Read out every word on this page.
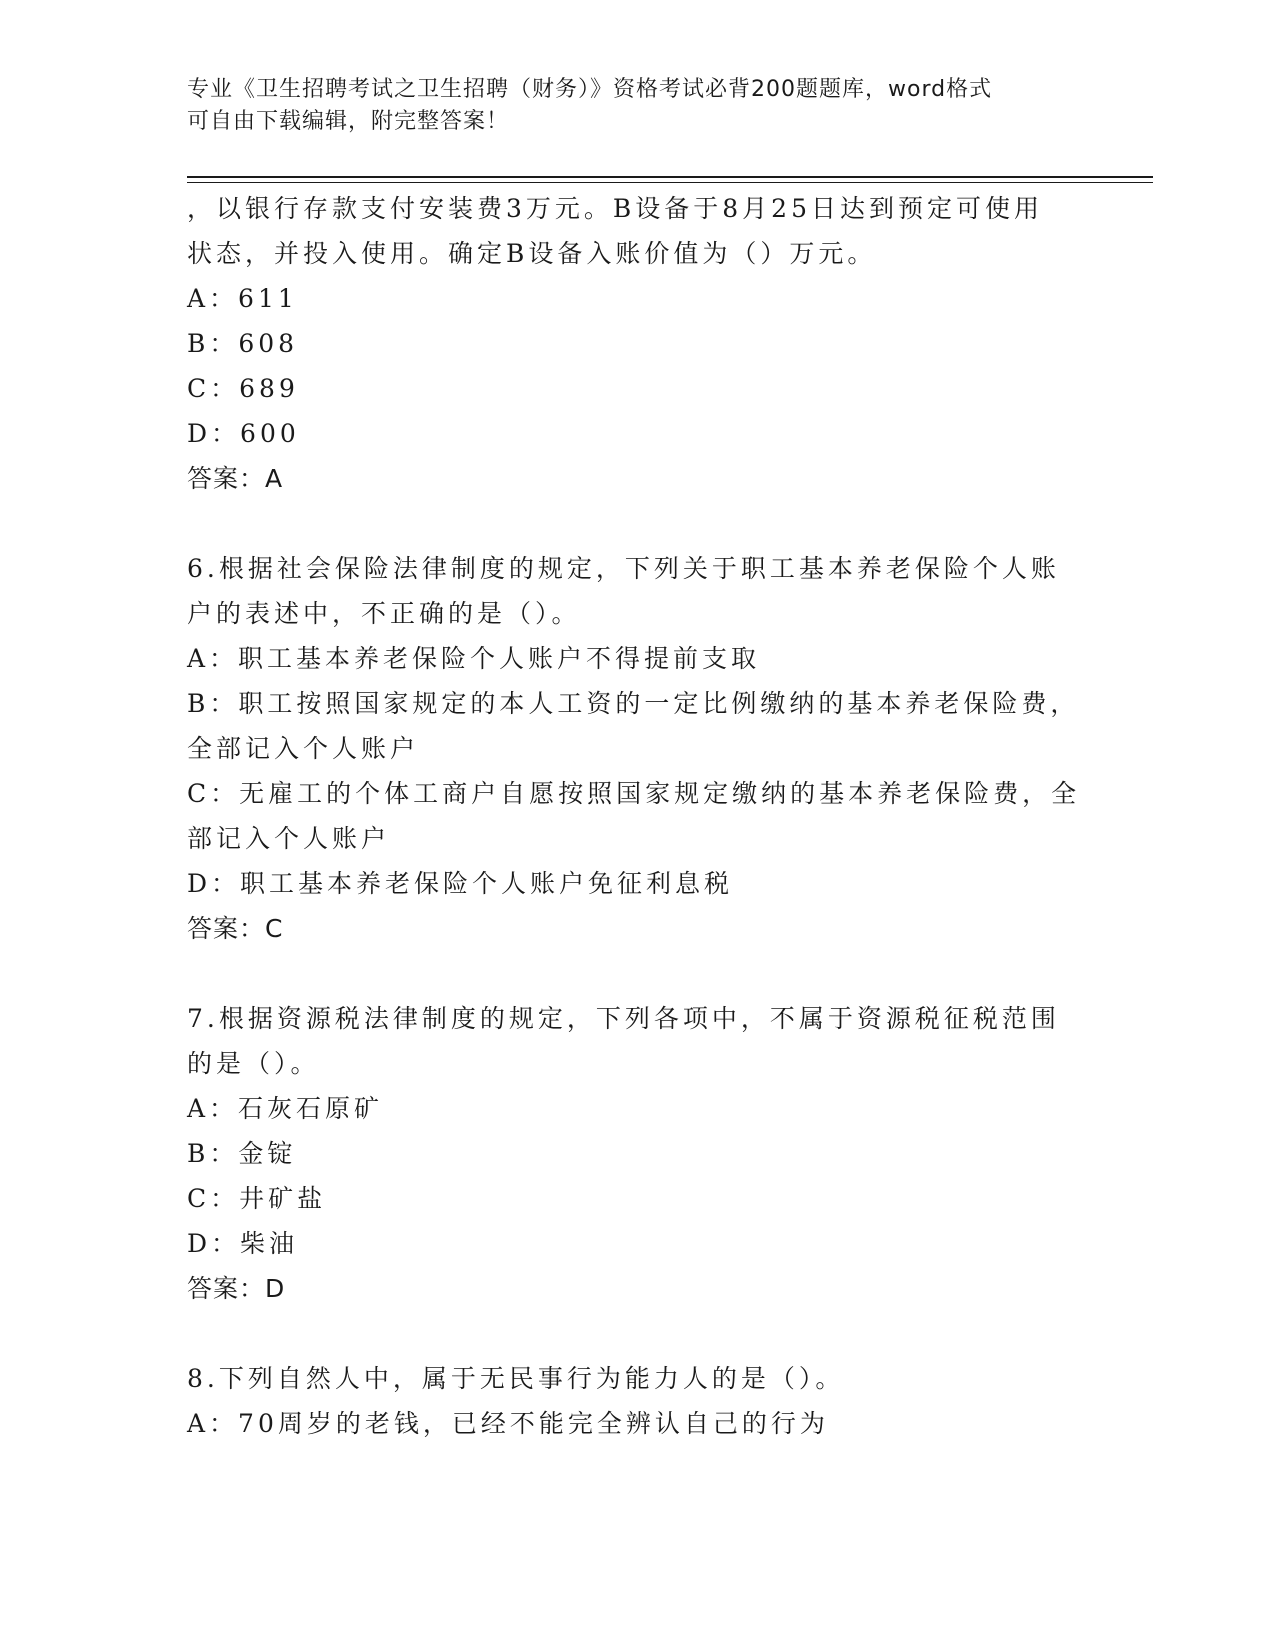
专业《卫生招聘考试之卫生招聘（财务）》资格考试必背200题题库，word格式
可自由下载编辑，附完整答案！
，以银行存款支付安装费3万元。B设备于8月25日达到预定可使用
状态，并投入使用。确定B设备入账价值为（）万元。
A：611
B：608
C：689
D：600
答案：A
6.根据社会保险法律制度的规定，下列关于职工基本养老保险个人账
户的表述中，不正确的是（）。
A：职工基本养老保险个人账户不得提前支取
B：职工按照国家规定的本人工资的一定比例缴纳的基本养老保险费，
全部记入个人账户
C：无雇工的个体工商户自愿按照国家规定缴纳的基本养老保险费，全
部记入个人账户
D：职工基本养老保险个人账户免征利息税
答案：C
7.根据资源税法律制度的规定，下列各项中，不属于资源税征税范围
的是（）。
A：石灰石原矿
B：金锭
C：井矿盐
D：柴油
答案：D
8.下列自然人中，属于无民事行为能力人的是（）。
A：70周岁的老钱，已经不能完全辨认自己的行为
